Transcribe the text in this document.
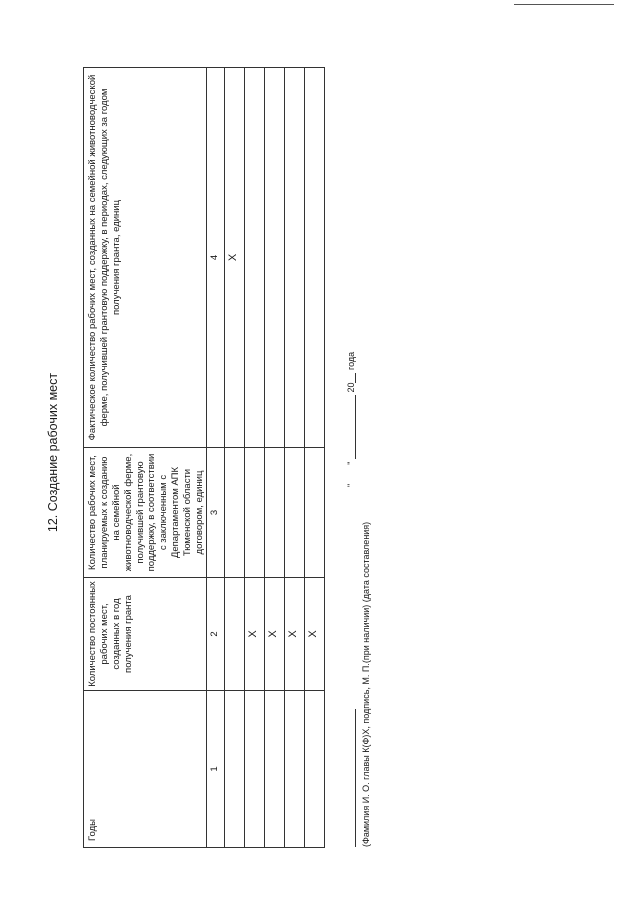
12. Создание рабочих мест
Годы	Количество постоянных рабочих мест, созданных в год получения гранта	Количество рабочих мест, планируемых к созданию на семейной животноводческой ферме, получившей грантовую поддержку, в соответствии с заключенным с Департаментом АПК Тюменской области договором, единиц	Фактическое количество рабочих мест, созданных на семейной животноводческой ферме, получившей грантовую поддержку, в периодах, следующих за годом получения гранта, единиц
1	2	3	4
			X
	X		
	X		
	X		
	X		
"  "  20 года
(Фамилия И. О. главы К(Ф)Х, подпись, М. П.(при наличии) (дата составления)
